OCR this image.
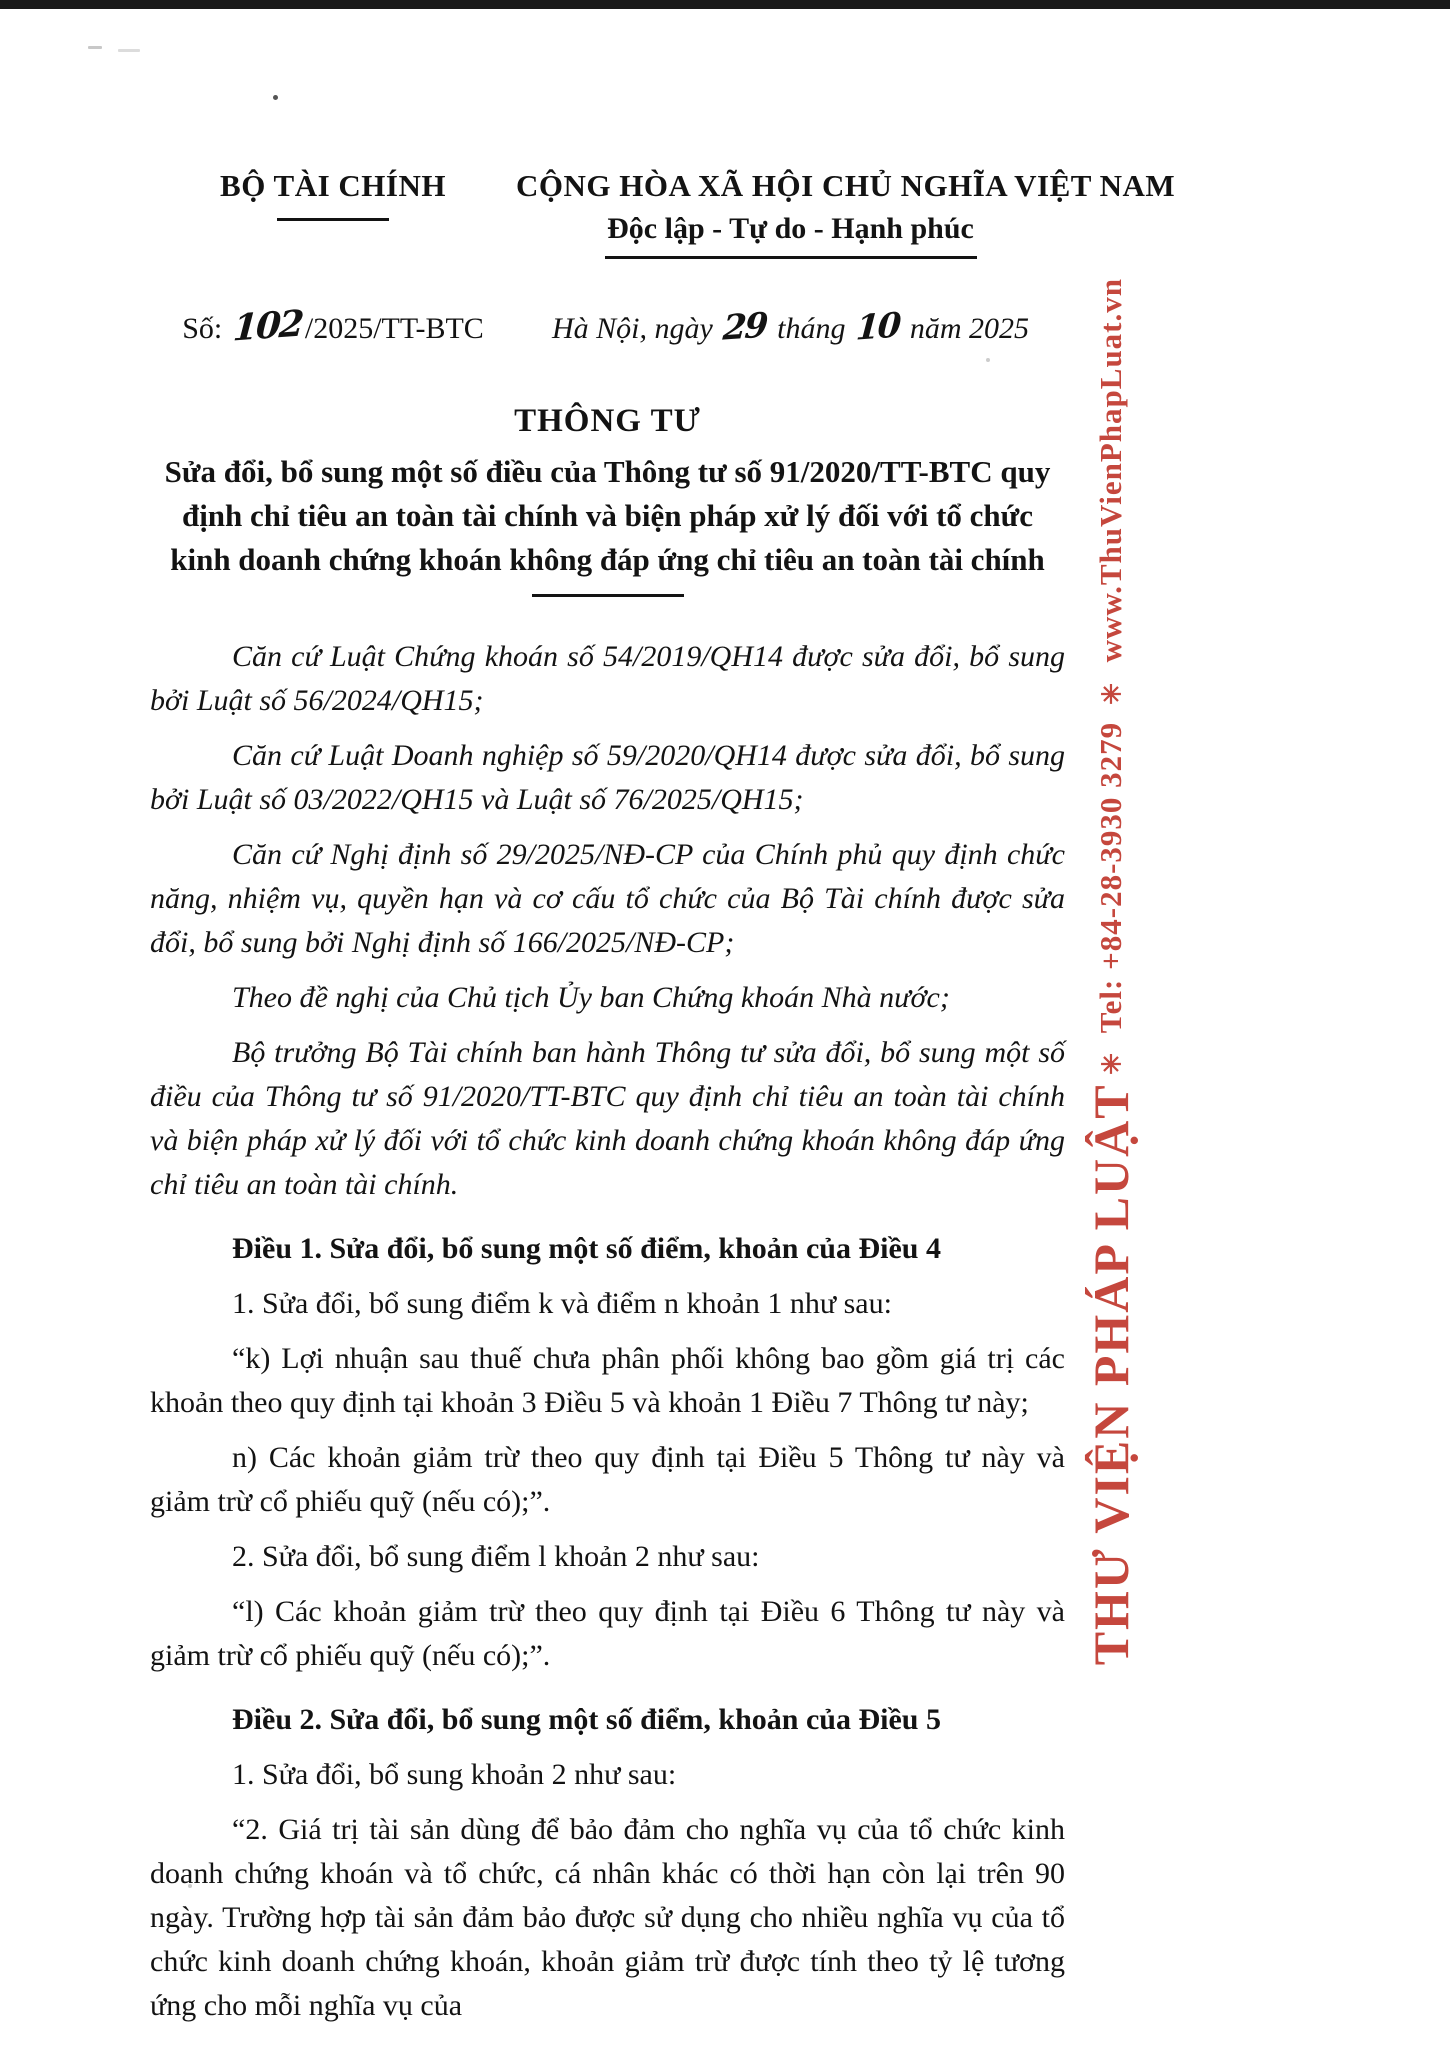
BỘ TÀI CHÍNH	CỘNG HÒA XÃ HỘI CHỦ NGHĨA VIỆT NAM
Độc lập - Tự do - Hạnh phúc
Số: 102/2025/TT-BTC	Hà Nội, ngày 29 tháng 10 năm 2025
THÔNG TƯ
Sửa đổi, bổ sung một số điều của Thông tư số 91/2020/TT-BTC quy định chỉ tiêu an toàn tài chính và biện pháp xử lý đối với tổ chức kinh doanh chứng khoán không đáp ứng chỉ tiêu an toàn tài chính

Căn cứ Luật Chứng khoán số 54/2019/QH14 được sửa đổi, bổ sung bởi Luật số 56/2024/QH15;

Căn cứ Luật Doanh nghiệp số 59/2020/QH14 được sửa đổi, bổ sung bởi Luật số 03/2022/QH15 và Luật số 76/2025/QH15;

Căn cứ Nghị định số 29/2025/NĐ-CP của Chính phủ quy định chức năng, nhiệm vụ, quyền hạn và cơ cấu tổ chức của Bộ Tài chính được sửa đổi, bổ sung bởi Nghị định số 166/2025/NĐ-CP;

Theo đề nghị của Chủ tịch Ủy ban Chứng khoán Nhà nước;

Bộ trưởng Bộ Tài chính ban hành Thông tư sửa đổi, bổ sung một số điều của Thông tư số 91/2020/TT-BTC quy định chỉ tiêu an toàn tài chính và biện pháp xử lý đối với tổ chức kinh doanh chứng khoán không đáp ứng chỉ tiêu an toàn tài chính.

Điều 1. Sửa đổi, bổ sung một số điểm, khoản của Điều 4

1. Sửa đổi, bổ sung điểm k và điểm n khoản 1 như sau:

“k) Lợi nhuận sau thuế chưa phân phối không bao gồm giá trị các khoản theo quy định tại khoản 3 Điều 5 và khoản 1 Điều 7 Thông tư này;

n) Các khoản giảm trừ theo quy định tại Điều 5 Thông tư này và giảm trừ cổ phiếu quỹ (nếu có);”.

2. Sửa đổi, bổ sung điểm l khoản 2 như sau:

“l) Các khoản giảm trừ theo quy định tại Điều 6 Thông tư này và giảm trừ cổ phiếu quỹ (nếu có);”.

Điều 2. Sửa đổi, bổ sung một số điểm, khoản của Điều 5

1. Sửa đổi, bổ sung khoản 2 như sau:

“2. Giá trị tài sản dùng để bảo đảm cho nghĩa vụ của tổ chức kinh doanh chứng khoán và tổ chức, cá nhân khác có thời hạn còn lại trên 90 ngày. Trường hợp tài sản đảm bảo được sử dụng cho nhiều nghĩa vụ của tổ chức kinh doanh chứng khoán, khoản giảm trừ được tính theo tỷ lệ tương ứng cho mỗi nghĩa vụ của

THƯ VIỆN PHÁP LUẬT✳ Tel: +84-28-3930 3279 ✳ www.ThuVienPhapLuat.vn
